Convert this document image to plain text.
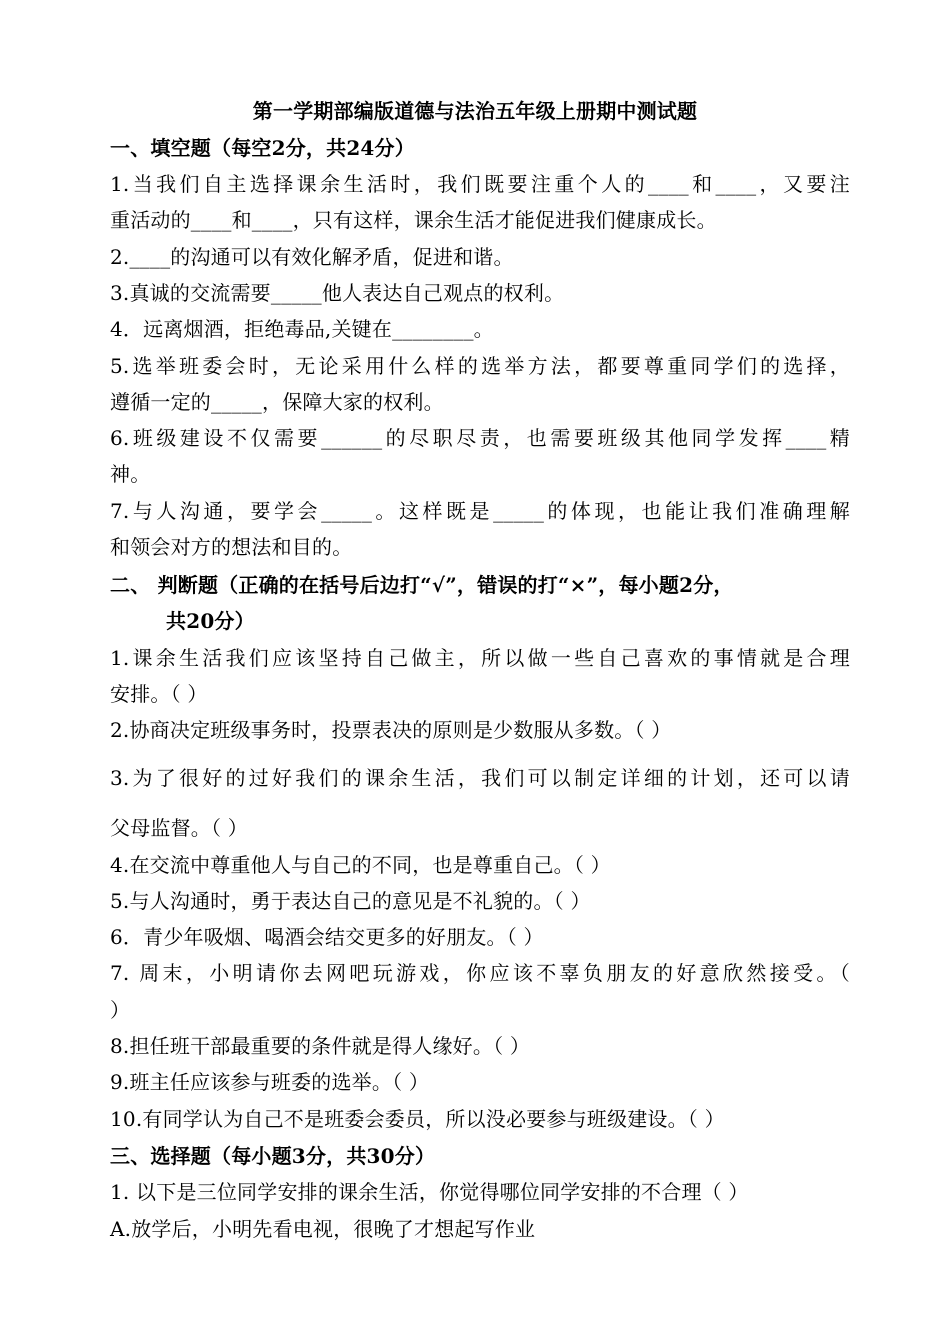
第一学期部编版道德与法治五年级上册期中测试题
一、填空题（每空2分，共24分）
1.当我们自主选择课余生活时，我们既要注重个人的____和____，又要注
重活动的____和____，只有这样，课余生活才能促进我们健康成长。
2.____的沟通可以有效化解矛盾，促进和谐。
3.真诚的交流需要_____他人表达自己观点的权利。
4．远离烟酒，拒绝毒品,关键在________。
5.选举班委会时，无论采用什么样的选举方法，都要尊重同学们的选择，
遵循一定的_____，保障大家的权利。
6.班级建设不仅需要______的尽职尽责，也需要班级其他同学发挥____精
神。
7.与人沟通，要学会_____。这样既是_____的体现，也能让我们准确理解
和领会对方的想法和目的。
二、 判断题（正确的在括号后边打“√”，错误的打“×”，每小题2分，
共20分）
1.课余生活我们应该坚持自己做主，所以做一些自己喜欢的事情就是合理
安排。（ ）
2.协商决定班级事务时，投票表决的原则是少数服从多数。（ ）
3.为了很好的过好我们的课余生活，我们可以制定详细的计划，还可以请
父母监督。（ ）
4.在交流中尊重他人与自己的不同，也是尊重自己。（ ）
5.与人沟通时，勇于表达自己的意见是不礼貌的。（ ）
6．青少年吸烟、喝酒会结交更多的好朋友。（ ）
7. 周末，小明请你去网吧玩游戏，你应该不辜负朋友的好意欣然接受。（
）
8.担任班干部最重要的条件就是得人缘好。（ ）
9.班主任应该参与班委的选举。（ ）
10.有同学认为自己不是班委会委员，所以没必要参与班级建设。（ ）
三、选择题（每小题3分，共30分）
1. 以下是三位同学安排的课余生活，你觉得哪位同学安排的不合理（ ）
A.放学后，小明先看电视，很晚了才想起写作业
